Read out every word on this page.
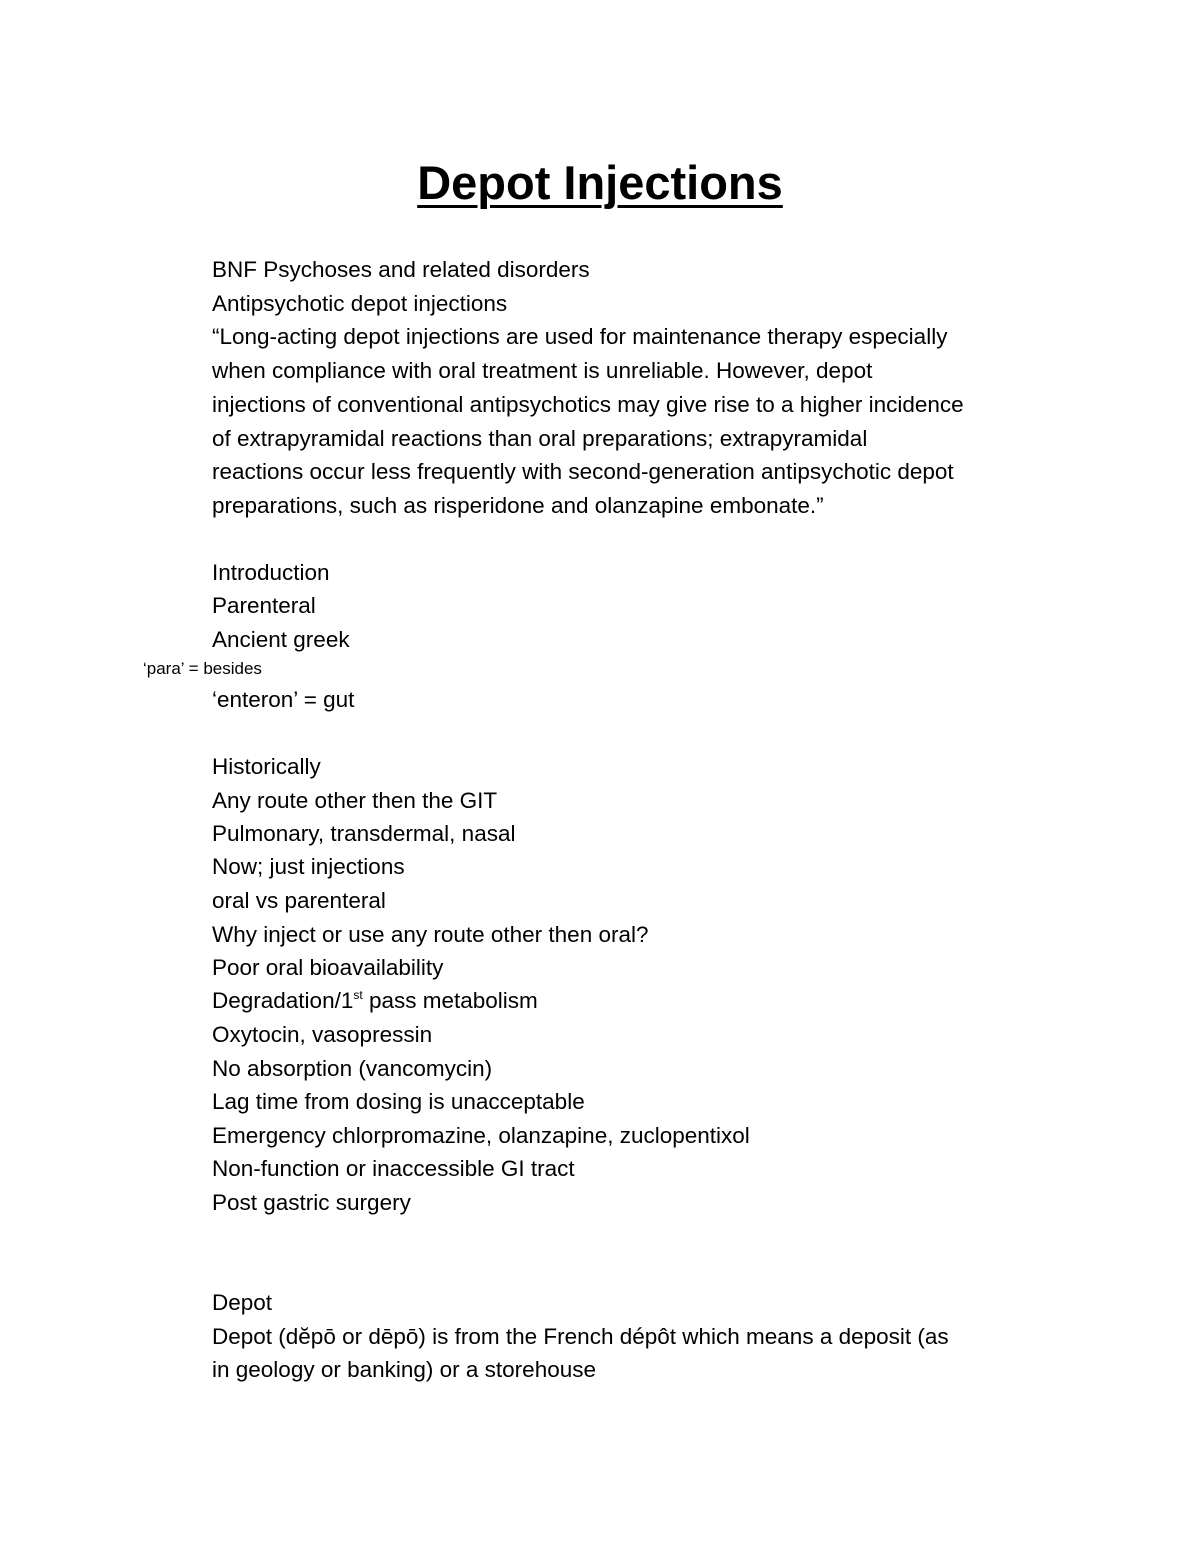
Depot Injections
BNF Psychoses and related disorders
Antipsychotic depot injections
“Long-acting depot injections are used for maintenance therapy especially
when compliance with oral treatment is unreliable. However, depot
injections of conventional antipsychotics may give rise to a higher incidence
of extrapyramidal reactions than oral preparations; extrapyramidal
reactions occur less frequently with second-generation antipsychotic depot
preparations, such as risperidone and olanzapine embonate.”
Introduction
Parenteral
Ancient greek
‘para’ = besides
‘enteron’ = gut
Historically
Any route other then the GIT
Pulmonary, transdermal, nasal
Now; just injections
oral vs parenteral
Why inject or use any route other then oral?
Poor oral bioavailability
Degradation/1st pass metabolism
Oxytocin, vasopressin
No absorption (vancomycin)
Lag time from dosing is unacceptable
Emergency chlorpromazine, olanzapine, zuclopentixol
Non-function or inaccessible GI tract
Post gastric surgery
Depot
Depot (dĕpō or dēpō) is from the French dépôt which means a deposit (as
in geology or banking) or a storehouse
